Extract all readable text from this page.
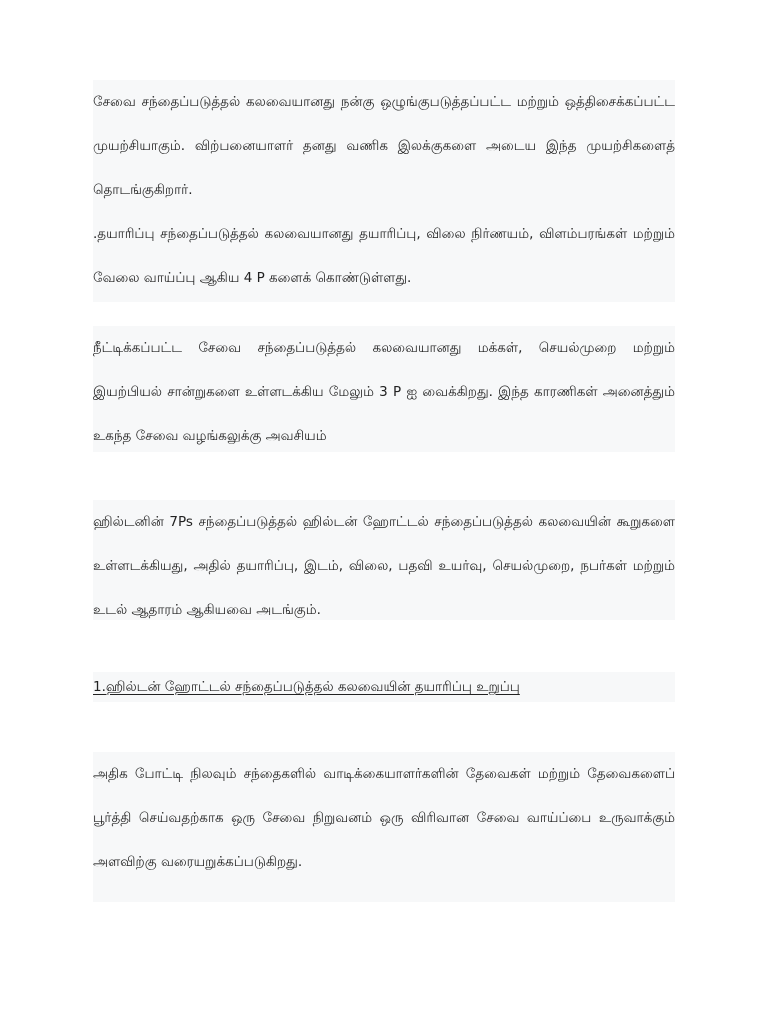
சேவை சந்தைப்படுத்தல் கலவையானது நன்கு ஒழுங்குபடுத்தப்பட்ட மற்றும் ஒத்திசைக்கப்பட்ட முயற்சியாகும். விற்பனையாளர் தனது வணிக இலக்குகளை அடைய இந்த முயற்சிகளைத் தொடங்குகிறார்.

.தயாரிப்பு சந்தைப்படுத்தல் கலவையானது தயாரிப்பு, விலை நிர்ணயம், விளம்பரங்கள் மற்றும் வேலை வாய்ப்பு ஆகிய 4 P களைக் கொண்டுள்ளது.

நீட்டிக்கப்பட்ட சேவை சந்தைப்படுத்தல் கலவையானது மக்கள், செயல்முறை மற்றும் இயற்பியல் சான்றுகளை உள்ளடக்கிய மேலும் 3 P ஐ வைக்கிறது. இந்த காரணிகள் அனைத்தும் உகந்த சேவை வழங்கலுக்கு அவசியம்

ஹில்டனின் 7Ps சந்தைப்படுத்தல் ஹில்டன் ஹோட்டல் சந்தைப்படுத்தல் கலவையின் கூறுகளை உள்ளடக்கியது, அதில் தயாரிப்பு, இடம், விலை, பதவி உயர்வு, செயல்முறை, நபர்கள் மற்றும் உடல் ஆதாரம் ஆகியவை அடங்கும்.

1.ஹில்டன் ஹோட்டல் சந்தைப்படுத்தல் கலவையின் தயாரிப்பு உறுப்பு

அதிக போட்டி நிலவும் சந்தைகளில் வாடிக்கையாளர்களின் தேவைகள் மற்றும் தேவைகளைப் பூர்த்தி செய்வதற்காக ஒரு சேவை நிறுவனம் ஒரு விரிவான சேவை வாய்ப்பை உருவாக்கும் அளவிற்கு வரையறுக்கப்படுகிறது.
